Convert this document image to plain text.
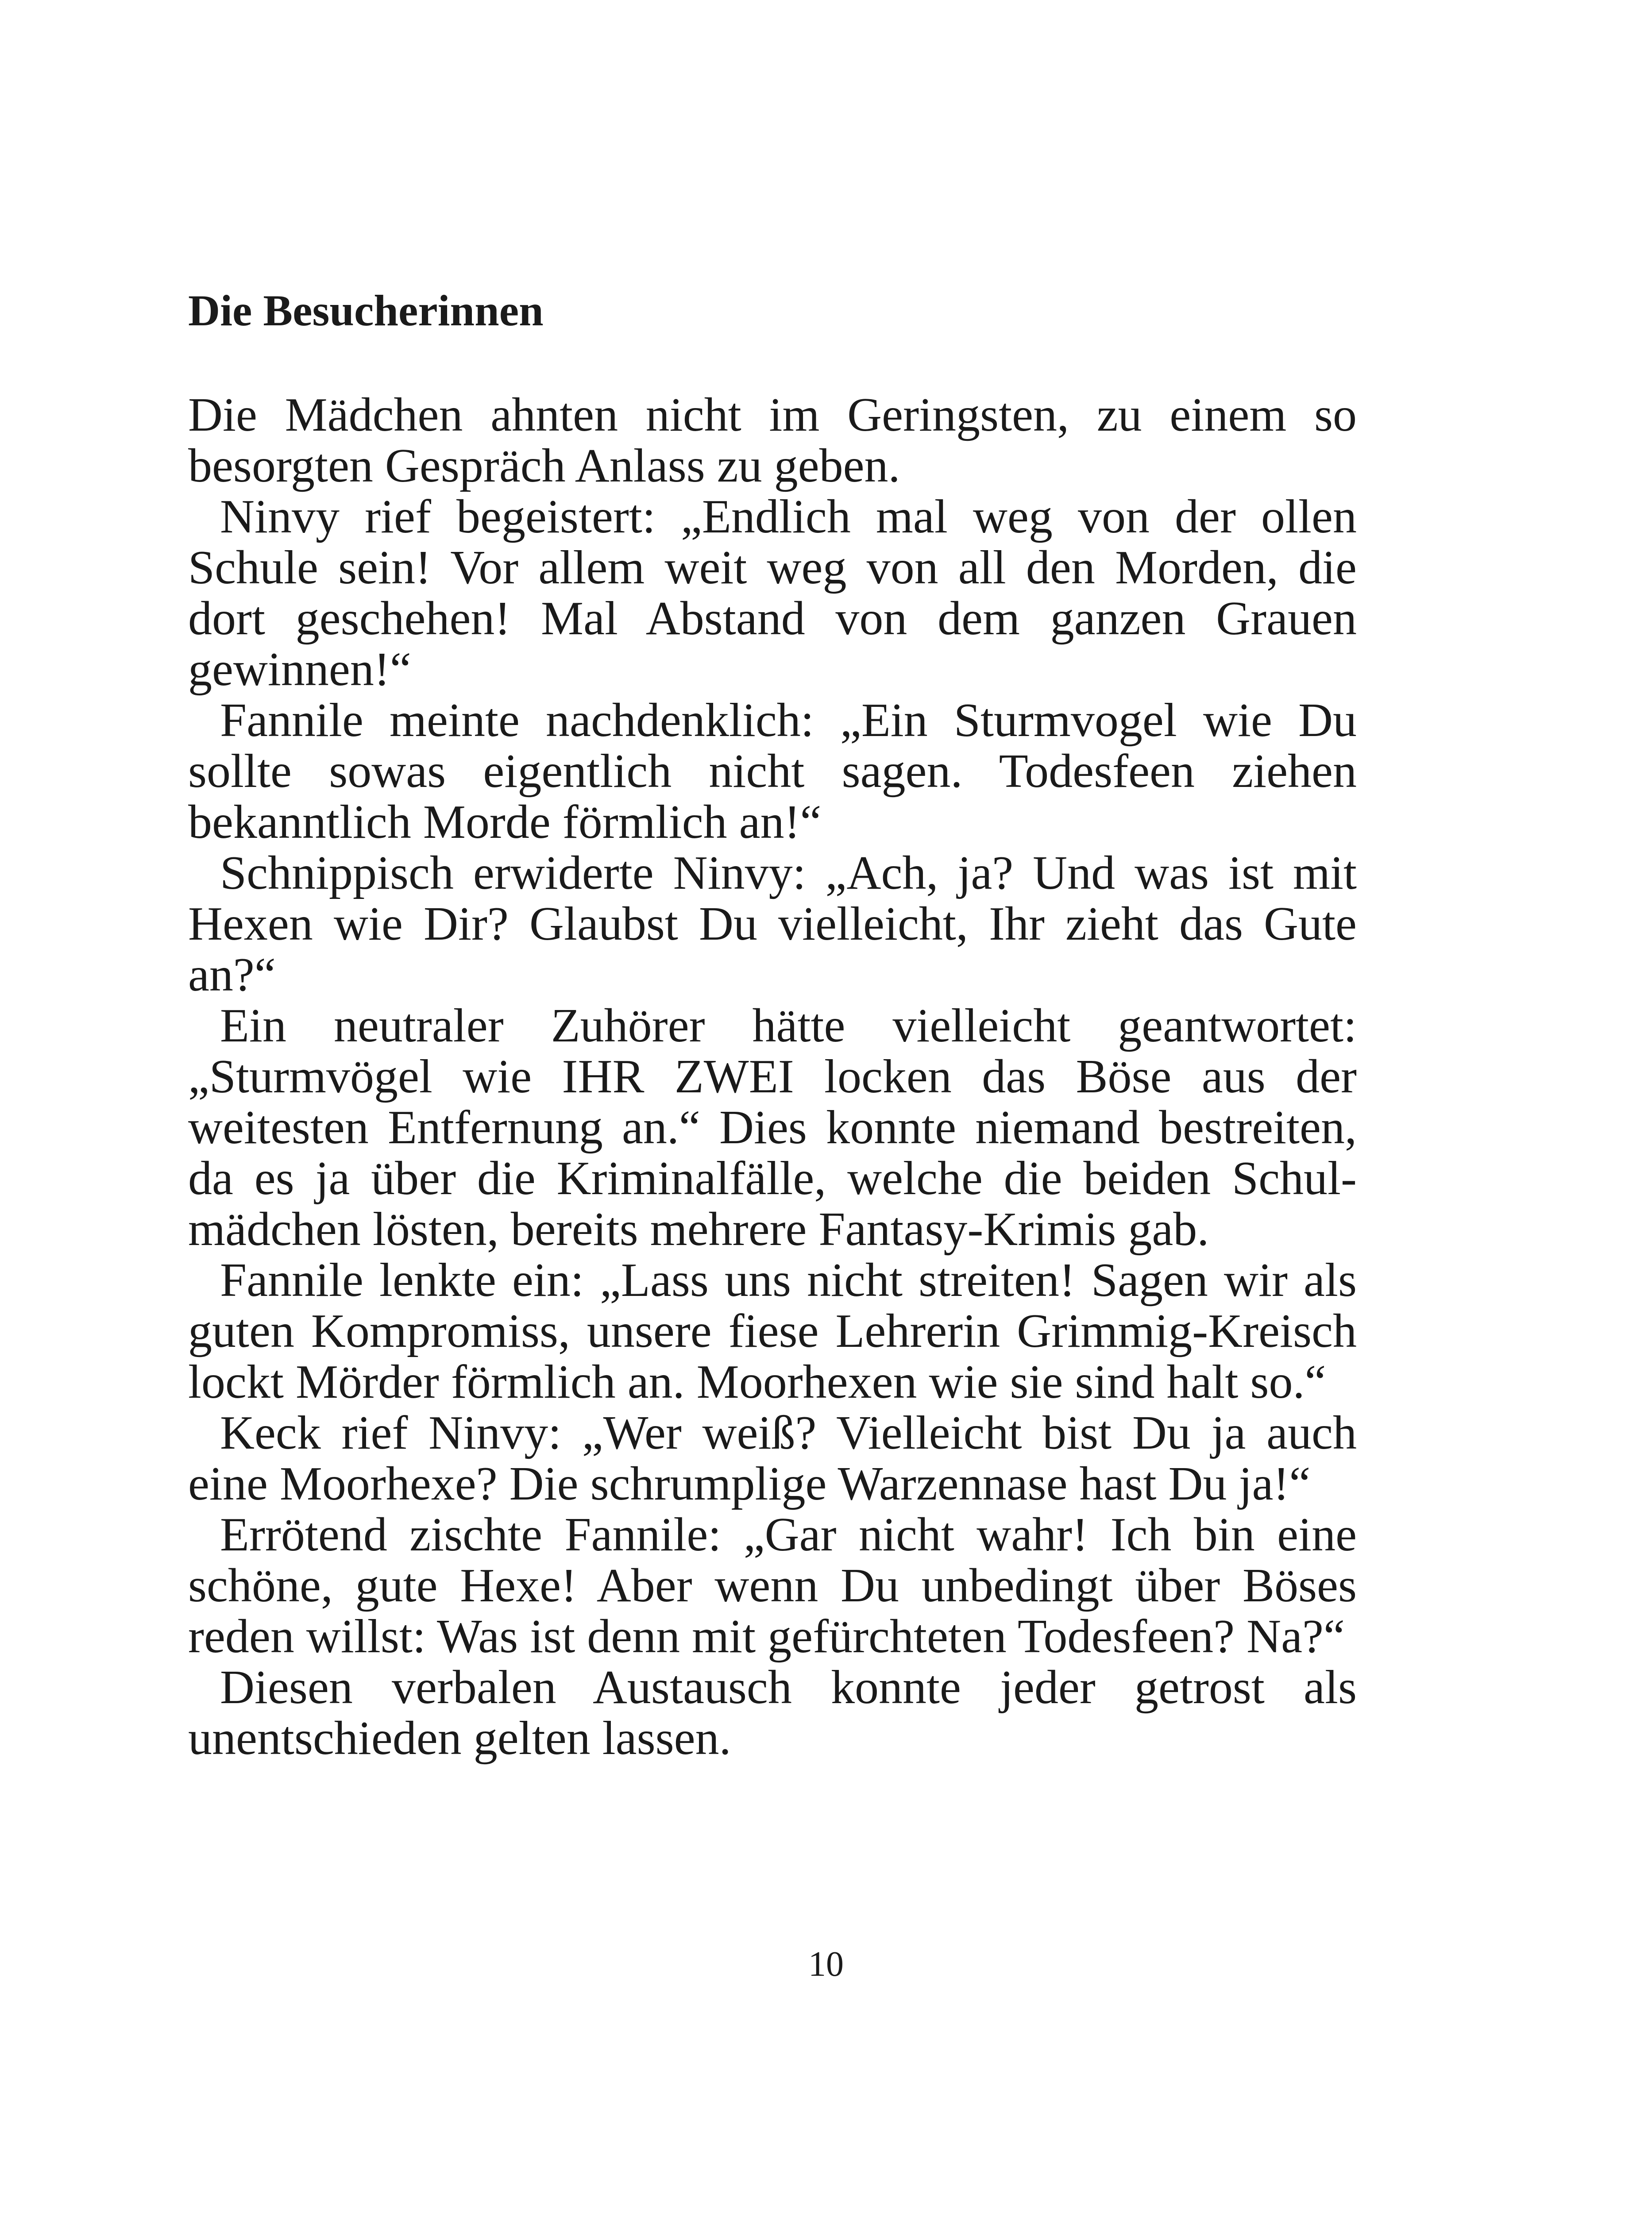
Die Besucherinnen

Die Mädchen ahnten nicht im Geringsten, zu einem so besorgten Gespräch Anlass zu geben.

Ninvy rief begeistert: „Endlich mal weg von der ollen Schule sein! Vor allem weit weg von all den Morden, die dort geschehen! Mal Abstand von dem ganzen Grauen gewinnen!“

Fannile meinte nachdenklich: „Ein Sturmvogel wie Du sollte sowas eigentlich nicht sagen. Todesfeen ziehen bekanntlich Morde förmlich an!“

Schnippisch erwiderte Ninvy: „Ach, ja? Und was ist mit Hexen wie Dir? Glaubst Du vielleicht, Ihr zieht das Gute an?“

Ein neutraler Zuhörer hätte vielleicht geantwortet: „Sturmvögel wie IHR ZWEI locken das Böse aus der weitesten Entfernung an.“ Dies konnte niemand bestreiten, da es ja über die Kriminalfälle, welche die beiden Schulmädchen lösten, bereits mehrere Fantasy-Krimis gab.

Fannile lenkte ein: „Lass uns nicht streiten! Sagen wir als guten Kompromiss, unsere fiese Lehrerin Grimmig-Kreisch lockt Mörder förmlich an. Moorhexen wie sie sind halt so.“

Keck rief Ninvy: „Wer weiß? Vielleicht bist Du ja auch eine Moorhexe? Die schrumplige Warzennase hast Du ja!“

Errötend zischte Fannile: „Gar nicht wahr! Ich bin eine schöne, gute Hexe! Aber wenn Du unbedingt über Böses reden willst: Was ist denn mit gefürchteten Todesfeen? Na?“

Diesen verbalen Austausch konnte jeder getrost als unentschieden gelten lassen.

10
